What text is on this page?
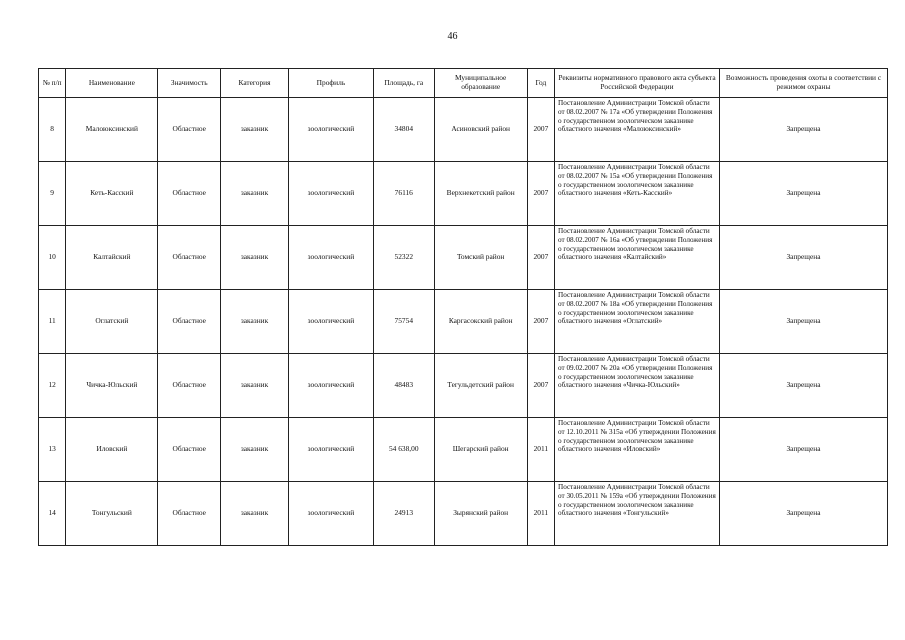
46
№ п/п	Наименование	Значимость	Категория	Профиль	Площадь, га	Муниципальное образование	Год	Реквизиты нормативного правового акта субъекта Российской Федерации	Возможность проведения охоты в соответствии с режимом охраны
8	Малоюксинский	Областное	заказник	зоологический	34804	Асиновский район	2007	Постановление Администрации Томской области от 08.02.2007 № 17а «Об утверждении Положения о государственном зоологическом заказнике областного значения «Малоюксинский»	Запрещена
9	Кеть-Касский	Областное	заказник	зоологический	76116	Верхнекетский район	2007	Постановление Администрации Томской области от 08.02.2007 № 15а «Об утверждении Положения о государственном зоологическом заказнике областного значения «Кеть-Касский»	Запрещена
10	Калтайский	Областное	заказник	зоологический	52322	Томский район	2007	Постановление Администрации Томской области от 08.02.2007 № 16а «Об утверждении Положения о государственном зоологическом заказнике областного значения «Калтайский»	Запрещена
11	Оглатский	Областное	заказник	зоологический	75754	Каргасокский район	2007	Постановление Администрации Томской области от 08.02.2007 № 18а «Об утверждении Положения о государственном зоологическом заказнике областного значения «Оглатский»	Запрещена
12	Чичка-Юльский	Областное	заказник	зоологический	48483	Тегульдетский район	2007	Постановление Администрации Томской области от 09.02.2007 № 20а «Об утверждении Положения о государственном зоологическом заказнике областного значения «Чичка-Юльский»	Запрещена
13	Иловский	Областное	заказник	зоологический	54 638,00	Шегарский район	2011	Постановление Администрации Томской области от 12.10.2011 № 315а «Об утверждении Положения о государственном зоологическом заказнике областного значения «Иловский»	Запрещена
14	Тонгульский	Областное	заказник	зоологический	24913	Зырянский район	2011	Постановление Администрации Томской области от 30.05.2011 № 159а «Об утверждении Положения о государственном зоологическом заказнике областного значения «Тонгульский»	Запрещена
